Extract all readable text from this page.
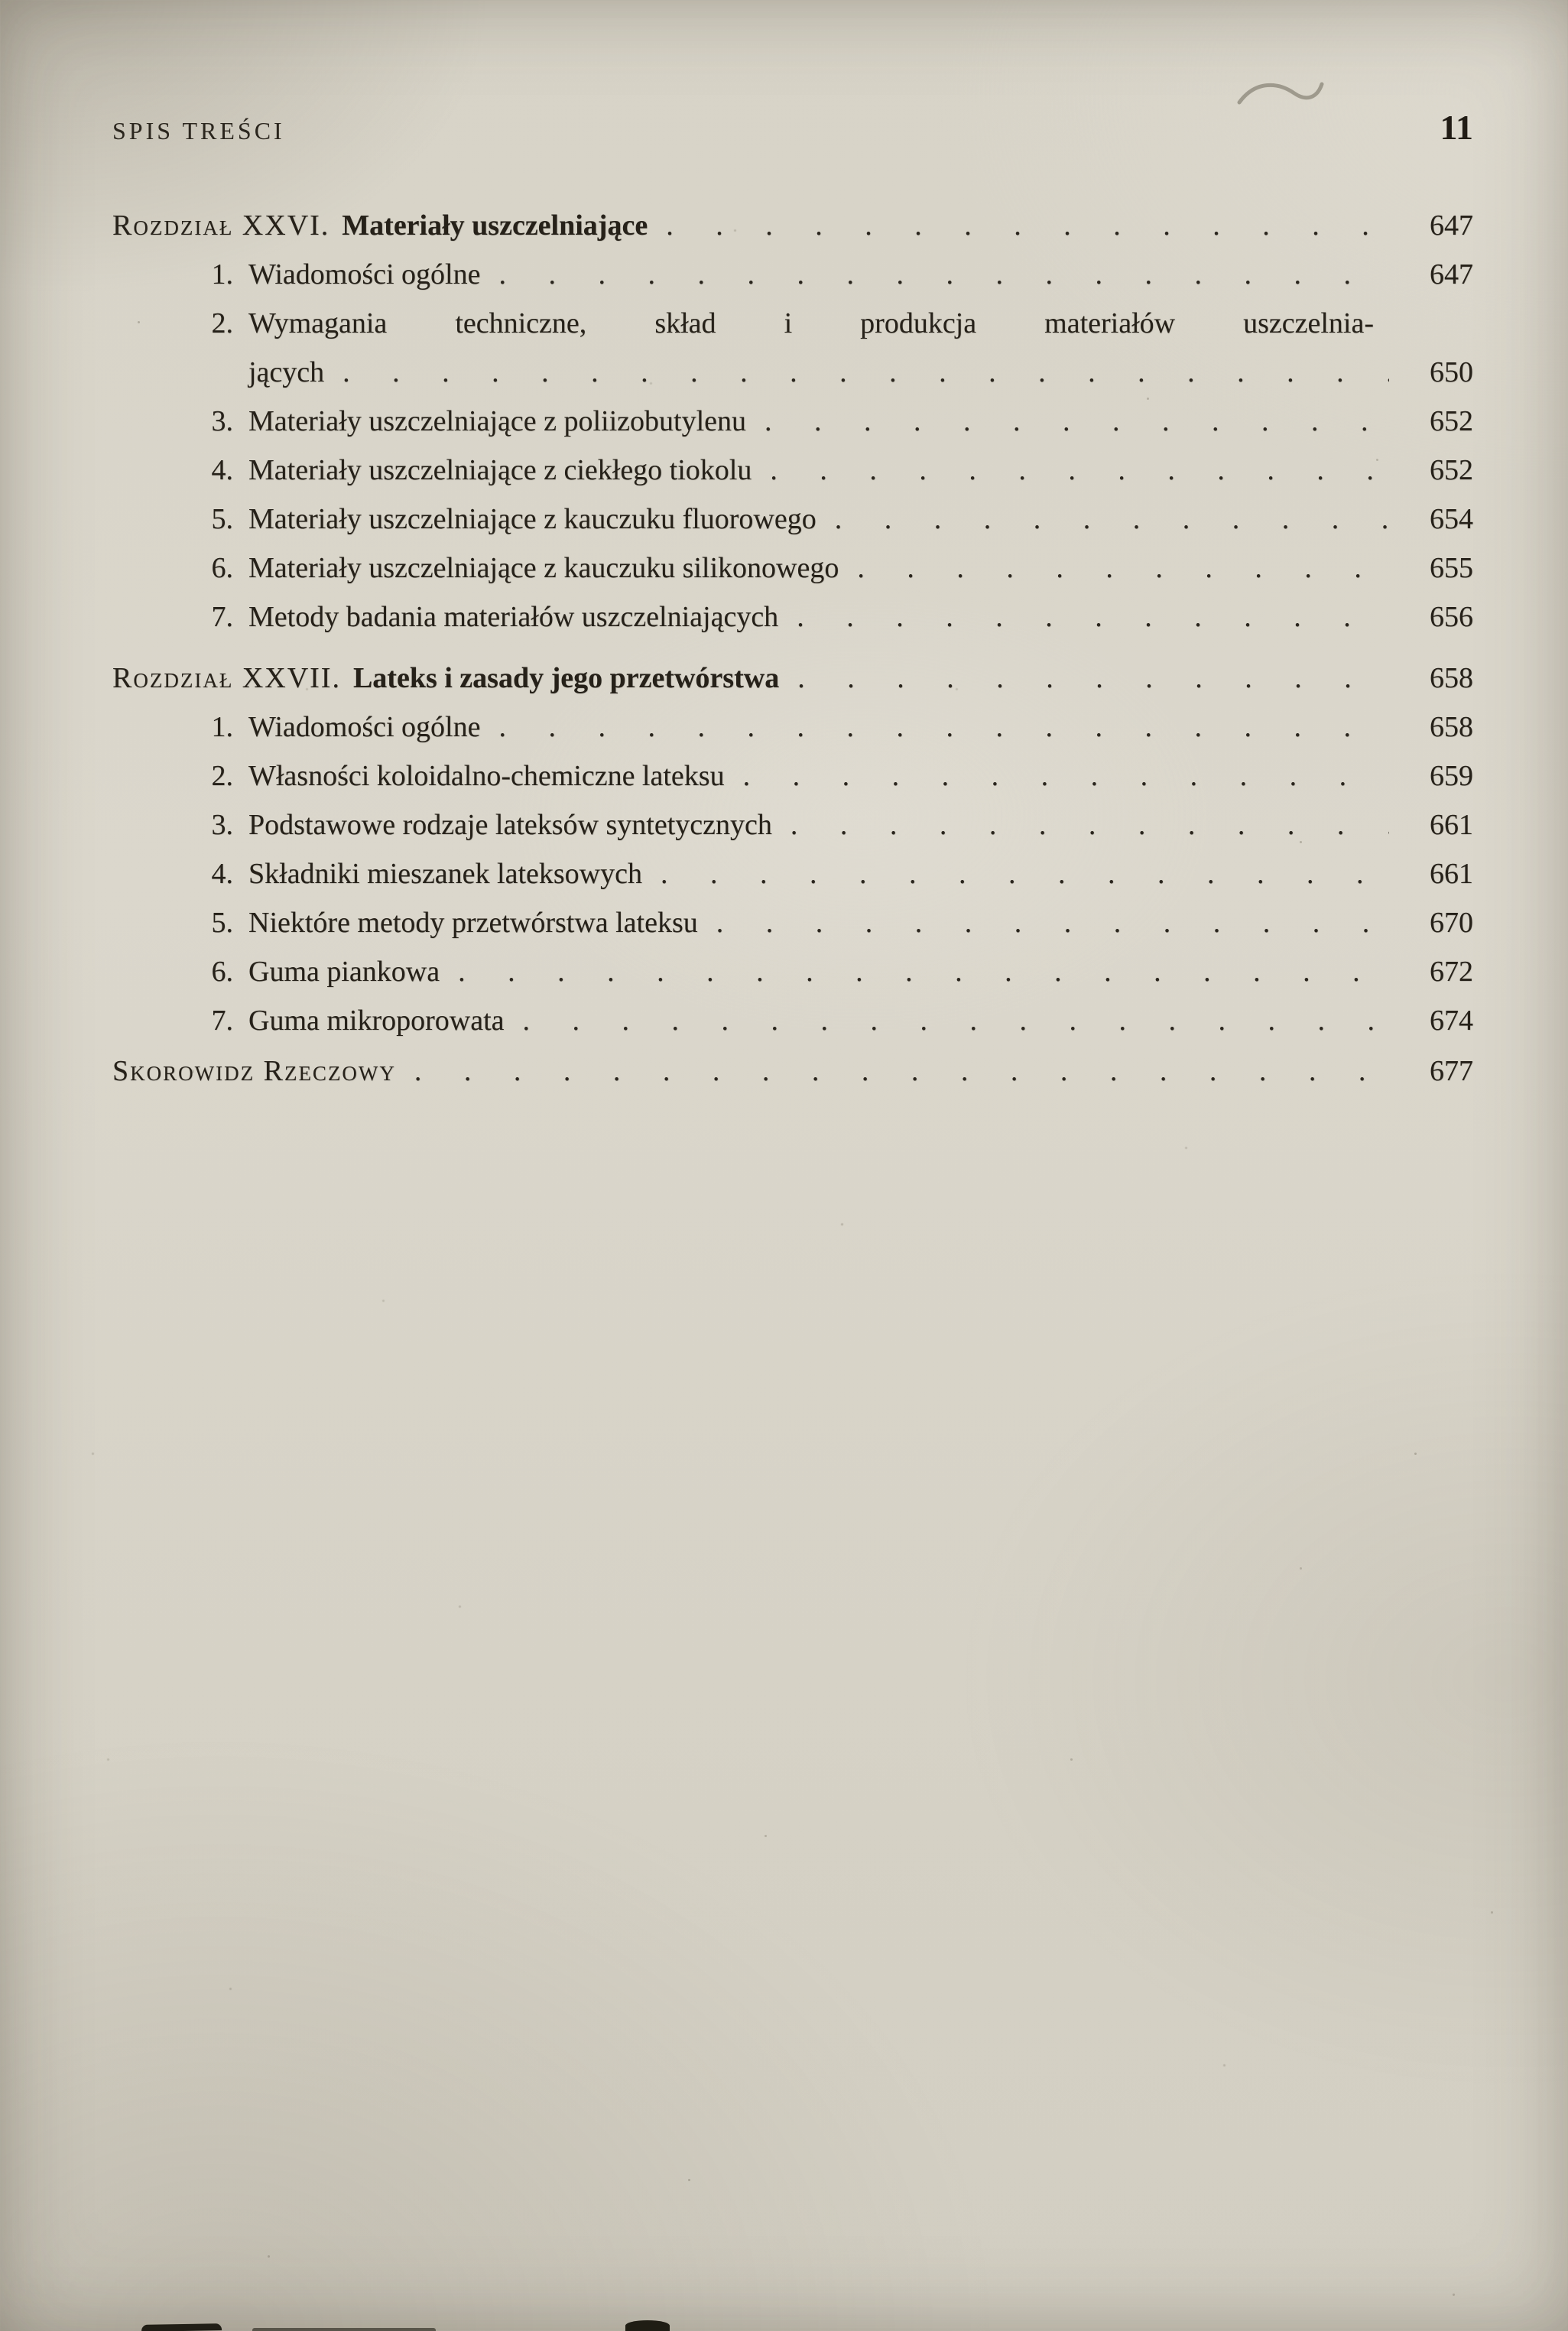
SPIS TREŚCI	11
Rozdział XXVI. Materiały uszczelniające . . .	647
1. Wiadomości ogólne . . .	647
2. Wymagania techniczne, skład i produkcja materiałów uszczelnia-
jących . . .	650
3. Materiały uszczelniające z poliizobutylenu . . .	652
4. Materiały uszczelniające z ciekłego tiokolu . . .	652
5. Materiały uszczelniające z kauczuku fluorowego . . .	654
6. Materiały uszczelniające z kauczuku silikonowego . . .	655
7. Metody badania materiałów uszczelniających . . .	656
Rozdział XXVII. Lateks i zasady jego przetwórstwa . . .	658
1. Wiadomości ogólne . . .	658
2. Własności koloidalno-chemiczne lateksu . . .	659
3. Podstawowe rodzaje lateksów syntetycznych . . .	661
4. Składniki mieszanek lateksowych . . .	661
5. Niektóre metody przetwórstwa lateksu . . .	670
6. Guma piankowa . . .	672
7. Guma mikroporowata . . .	674
Skorowidz Rzeczowy . . .	677
